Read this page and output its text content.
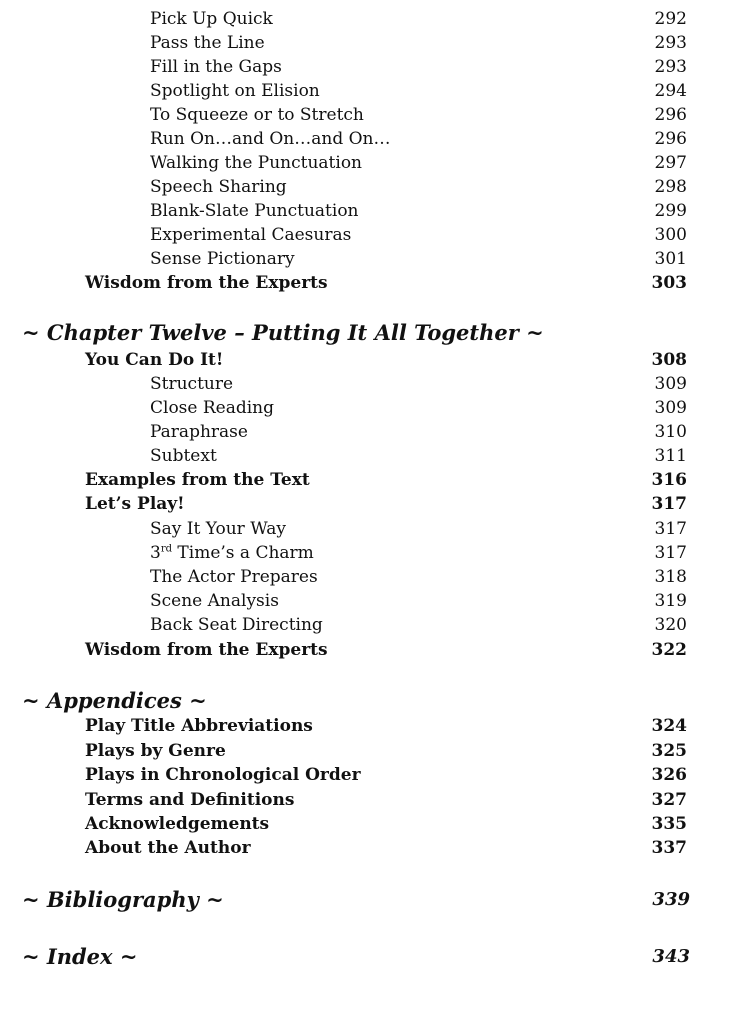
Pick Up Quick	292
Pass the Line	293
Fill in the Gaps	293
Spotlight on Elision	294
To Squeeze or to Stretch	296
Run On…and On…and On…	296
Walking the Punctuation	297
Speech Sharing	298
Blank-Slate Punctuation	299
Experimental Caesuras	300
Sense Pictionary	301
Wisdom from the Experts	303
~ Chapter Twelve – Putting It All Together ~
You Can Do It!	308
Structure	309
Close Reading	309
Paraphrase	310
Subtext	311
Examples from the Text	316
Let’s Play!	317
Say It Your Way	317
3rd Time’s a Charm	317
The Actor Prepares	318
Scene Analysis	319
Back Seat Directing	320
Wisdom from the Experts	322
~ Appendices ~
Play Title Abbreviations	324
Plays by Genre	325
Plays in Chronological Order	326
Terms and Definitions	327
Acknowledgements	335
About the Author	337
~ Bibliography ~	339
~ Index ~	343
